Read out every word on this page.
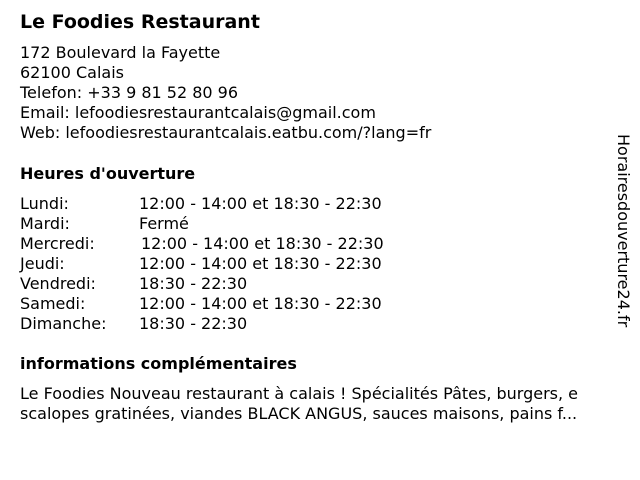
Le Foodies Restaurant
172 Boulevard la Fayette
62100 Calais
Telefon: +33 9 81 52 80 96
Email: lefoodiesrestaurantcalais@gmail.com
Web: lefoodiesrestaurantcalais.eatbu.com/?lang=fr
Heures d'ouverture
Lundi:	12:00 - 14:00 et 18:30 - 22:30
Mardi:	Fermé
Mercredi:	12:00 - 14:00 et 18:30 - 22:30
Jeudi:	12:00 - 14:00 et 18:30 - 22:30
Vendredi:	18:30 - 22:30
Samedi:	12:00 - 14:00 et 18:30 - 22:30
Dimanche: 18:30 - 22:30
informations complémentaires
Le Foodies Nouveau restaurant à calais ! Spécialités Pâtes, burgers, e
scalopes gratinées, viandes BLACK ANGUS, sauces maisons, pains f...
Horairesdouverture24.fr
